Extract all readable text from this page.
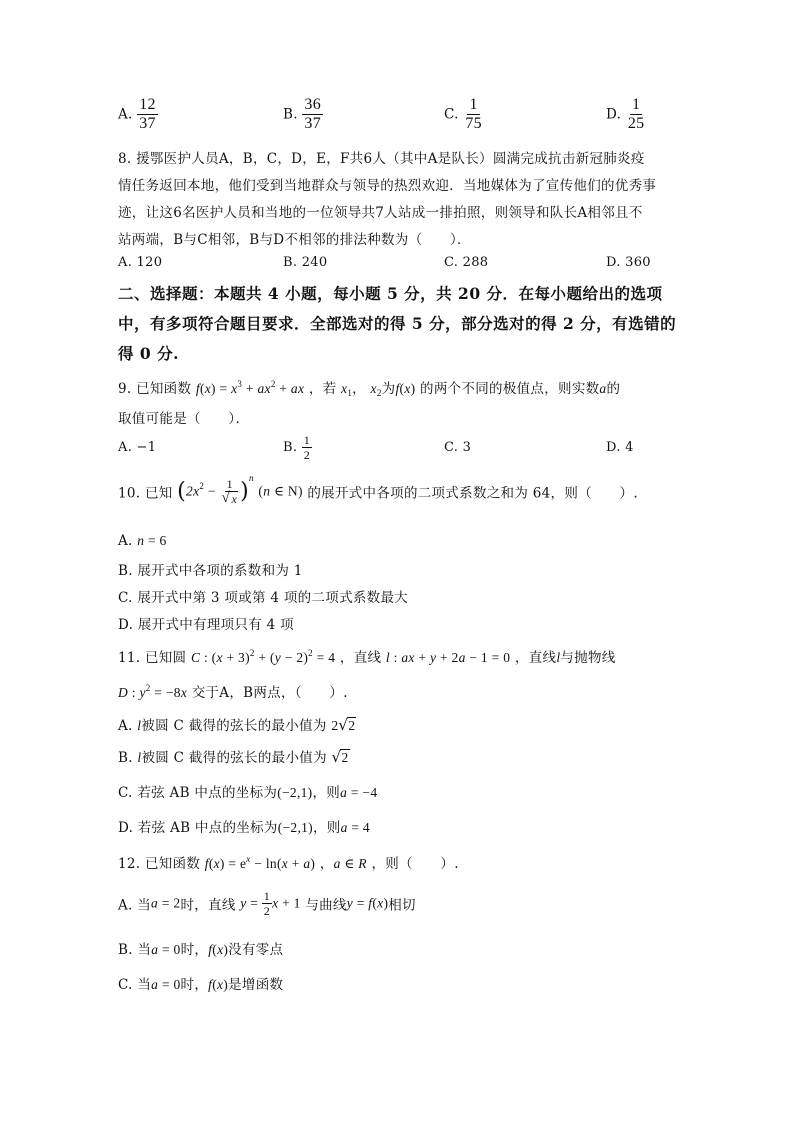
A. $\frac{12}{37}$	B. $\frac{36}{37}$	C. $\frac{1}{75}$	D. $\frac{1}{25}$
8. 援鄂医护人员A，B，C，D，E，F共6人（其中A是队长）圆满完成抗击新冠肺炎疫
情任务返回本地，他们受到当地群众与领导的热烈欢迎．当地媒体为了宣传他们的优秀事
迹，让这6名医护人员和当地的一位领导共7人站成一排拍照，则领导和队长A相邻且不
站两端，B与C相邻，B与D不相邻的排法种数为（　　）．
A. 120	B. 240	C. 288	D. 360
二、选择题：本题共 4 小题，每小题 5 分，共 20 分．在每小题给出的选项
中，有多项符合题目要求．全部选对的得 5 分，部分选对的得 2 分，有选错的
得 0 分.
9. 已知函数 $f(x) = x^3 + ax^2$ + ax ，若 $x_1$， $x_2$为f(x) 的两个不同的极值点，则实数a的
取值可能是（　　）．
A. −1	B. $\frac{1}{2}$	C. 3	D. 4
10. 已知 ($2x^2 - 1$
√ x )$^n$ (n ∈ N) 的展开式中各项的二项式系数之和为 64，则（　　）.
A. n = 6
B. 展开式中各项的系数和为 1
C. 展开式中第 3 项或第 4 项的二项式系数最大
D. 展开式中有理项只有 4 项
11. 已知圆 C : $(x + 3)^2 + (y - 2)^2 = 4$ ，直线 l : ax + y + 2a − 1 = 0 ，直线l与抛物线
D : $y^2 = -8x$ 交于A，B两点，（　　）.
A. l被圆 C 截得的弦长的最小值为 2 √ 2
B. l被圆 C 截得的弦长的最小值为 √ 2
C. 若弦 AB 中点的坐标为(−2,1)，则a = −4
D. 若弦 AB 中点的坐标为(−2,1)，则a = 4
12. 已知函数 $f(x) = e^x - \ln(x + a)$ ，a ∈ R ，则（　　）.
A. 当a = 2时，直线 $y = \frac{1}{2}$ x + 1 与曲线y = f(x)相切
B. 当a = 0时，f(x)没有零点
C. 当a = 0时，f(x)是增函数
